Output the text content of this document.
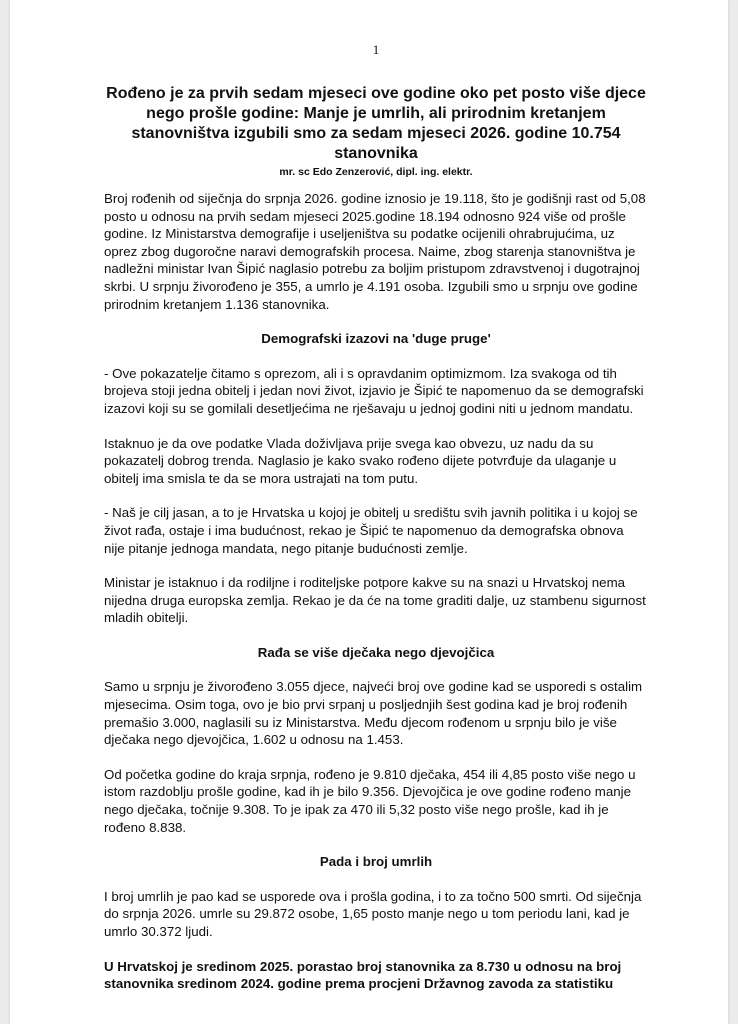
1
Rođeno je za prvih sedam mjeseci ove godine oko pet posto više djece nego prošle godine: Manje je umrlih, ali prirodnim kretanjem stanovništva izgubili smo za sedam mjeseci 2026. godine 10.754 stanovnika
mr. sc Edo Zenzerović, dipl. ing. elektr.

Broj rođenih od siječnja do srpnja 2026. godine iznosio je 19.118, što je godišnji rast od 5,08 posto u odnosu na prvih sedam mjeseci 2025.godine 18.194 odnosno 924 više od prošle godine. Iz Ministarstva demografije i useljeništva su podatke ocijenili ohrabrujućima, uz oprez zbog dugoročne naravi demografskih procesa. Naime, zbog starenja stanovništva je nadležni ministar Ivan Šipić naglasio potrebu za boljim pristupom zdravstvenoj i dugotrajnoj skrbi. U srpnju živorođeno je 355, a umrlo je 4.191 osoba. Izgubili smo u srpnju ove godine prirodnim kretanjem 1.136 stanovnika.

Demografski izazovi na 'duge pruge'

- Ove pokazatelje čitamo s oprezom, ali i s opravdanim optimizmom. Iza svakoga od tih brojeva stoji jedna obitelj i jedan novi život, izjavio je Šipić te napomenuo da se demografski izazovi koji su se gomilali desetljećima ne rješavaju u jednoj godini niti u jednom mandatu.

Istaknuo je da ove podatke Vlada doživljava prije svega kao obvezu, uz nadu da su pokazatelj dobrog trenda. Naglasio je kako svako rođeno dijete potvrđuje da ulaganje u obitelj ima smisla te da se mora ustrajati na tom putu.

- Naš je cilj jasan, a to je Hrvatska u kojoj je obitelj u središtu svih javnih politika i u kojoj se život rađa, ostaje i ima budućnost, rekao je Šipić te napomenuo da demografska obnova nije pitanje jednoga mandata, nego pitanje budućnosti zemlje.

Ministar je istaknuo i da rodiljne i roditeljske potpore kakve su na snazi u Hrvatskoj nema nijedna druga europska zemlja. Rekao je da će na tome graditi dalje, uz stambenu sigurnost mladih obitelji.

Rađa se više dječaka nego djevojčica

Samo u srpnju je živorođeno 3.055 djece, najveći broj ove godine kad se usporedi s ostalim mjesecima. Osim toga, ovo je bio prvi srpanj u posljednjih šest godina kad je broj rođenih premašio 3.000, naglasili su iz Ministarstva. Među djecom rođenom u srpnju bilo je više dječaka nego djevojčica, 1.602 u odnosu na 1.453.

Od početka godine do kraja srpnja, rođeno je 9.810 dječaka, 454 ili 4,85 posto više nego u istom razdoblju prošle godine, kad ih je bilo 9.356. Djevojčica je ove godine rođeno manje nego dječaka, točnije 9.308. To je ipak za 470 ili 5,32 posto više nego prošle, kad ih je rođeno 8.838.

Pada i broj umrlih

I broj umrlih je pao kad se usporede ova i prošla godina, i to za točno 500 smrti. Od siječnja do srpnja 2026. umrle su 29.872 osobe, 1,65 posto manje nego u tom periodu lani, kad je umrlo 30.372 ljudi.

U Hrvatskoj je sredinom 2025. porastao broj stanovnika za 8.730 u odnosu na broj stanovnika sredinom 2024. godine prema procjeni Državnog zavoda za statistiku
